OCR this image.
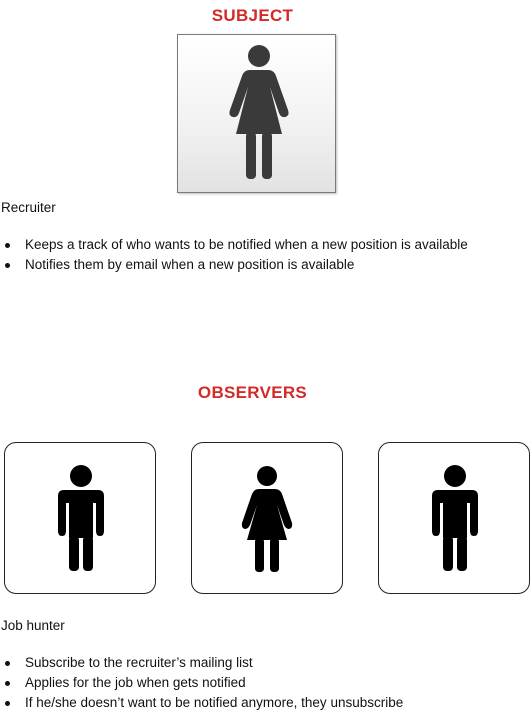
SUBJECT
Recruiter
Keeps a track of who wants to be notified when a new position is available
Notifies them by email when a new position is available
OBSERVERS
Job hunter
Subscribe to the recruiter’s mailing list
Applies for the job when gets notified
If he/she doesn’t want to be notified anymore, they unsubscribe
